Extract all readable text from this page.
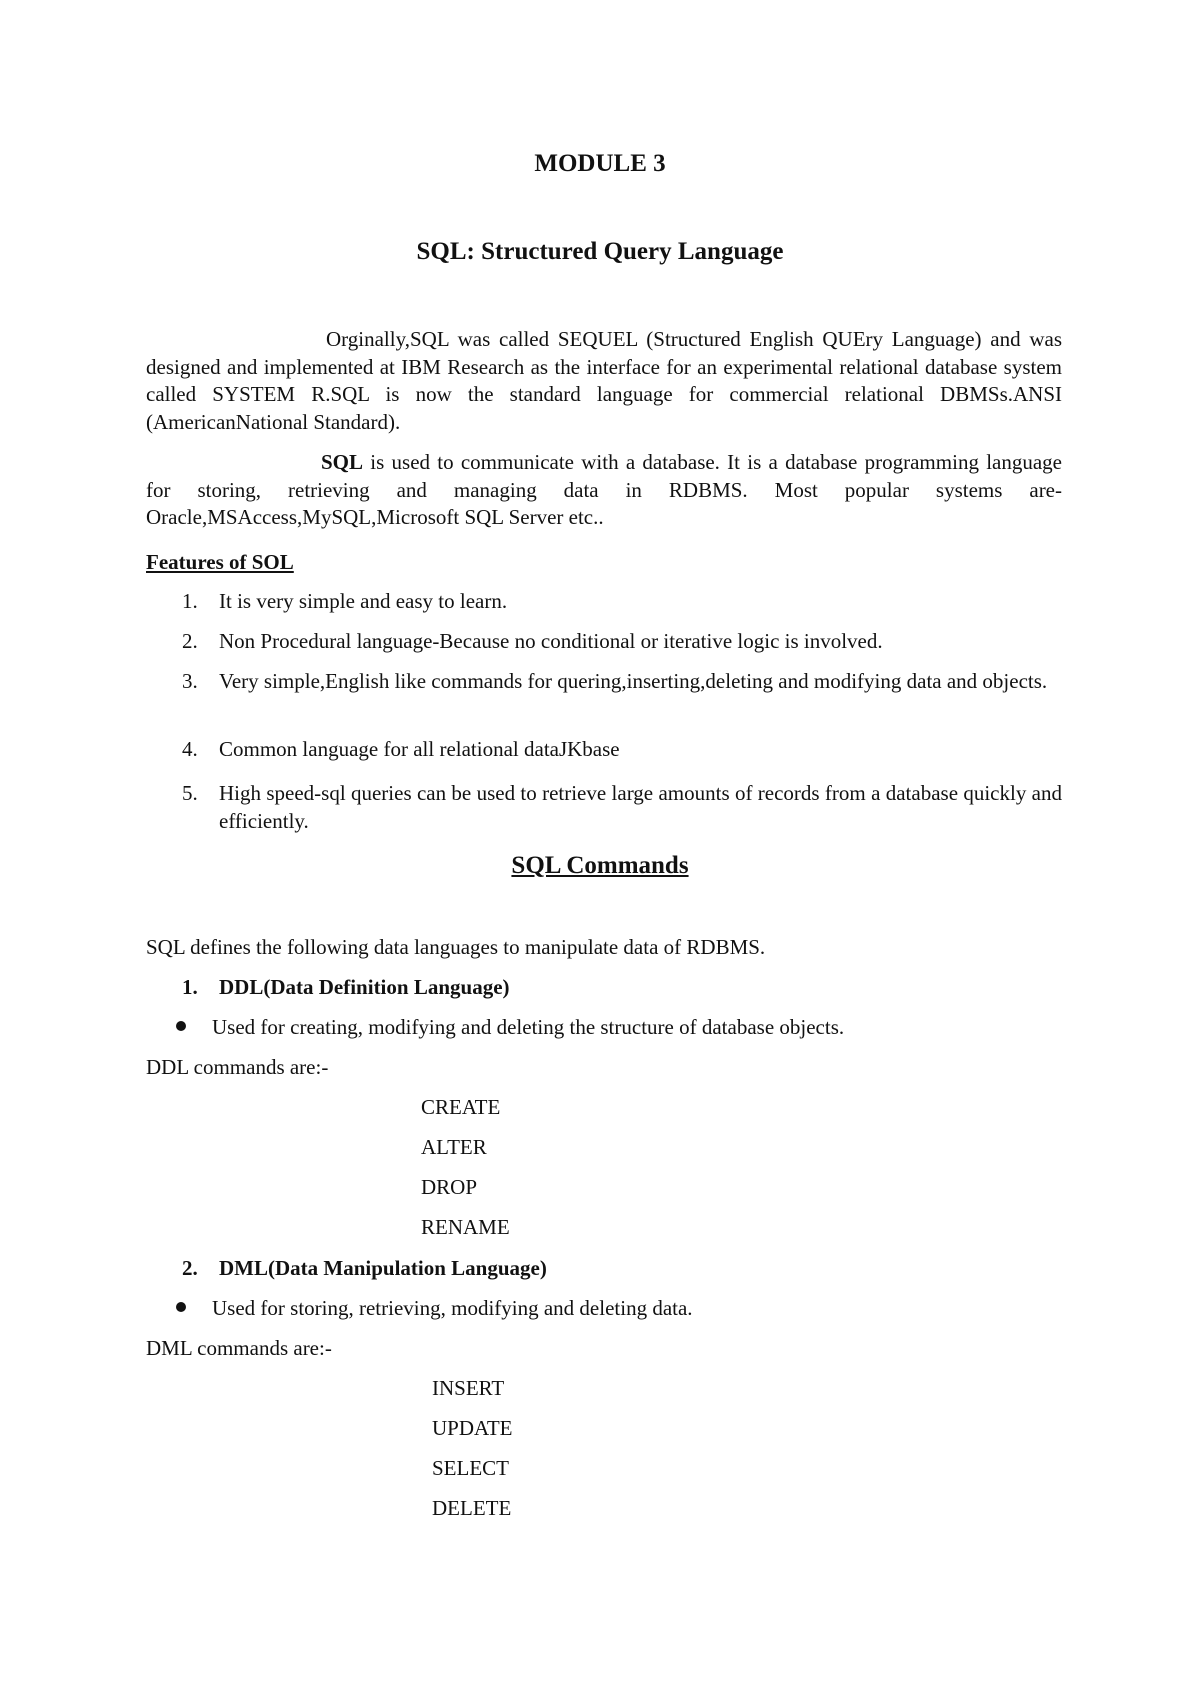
MODULE 3
SQL: Structured Query Language
Orginally,SQL was called SEQUEL (Structured English QUEry Language) and was designed and implemented at IBM Research as the interface for an experimental relational database system called SYSTEM R.SQL is now the standard language for commercial relational DBMSs.ANSI (AmericanNational Standard).
SQL is used to communicate with a database. It is a database programming language for storing, retrieving and managing data in RDBMS. Most popular systems are-Oracle,MSAccess,MySQL,Microsoft SQL Server etc..
Features of SOL
1.	It is very simple and easy to learn.
2.	Non Procedural language-Because no conditional or iterative logic is involved.
3.	Very simple,English like commands for quering,inserting,deleting and modifying data and objects.
4.	Common language for all relational dataJKbase
5.	High speed-sql queries can be used to retrieve large amounts of records from a database quickly and efficiently.
SQL Commands
SQL defines the following data languages to manipulate data of RDBMS.
1. DDL(Data Definition Language)
Used for creating, modifying and deleting the structure of database objects.
DDL commands are:-
CREATE
ALTER
DROP
RENAME
2. DML(Data Manipulation Language)
Used for storing, retrieving, modifying and deleting data.
DML commands are:-
INSERT
UPDATE
SELECT
DELETE
